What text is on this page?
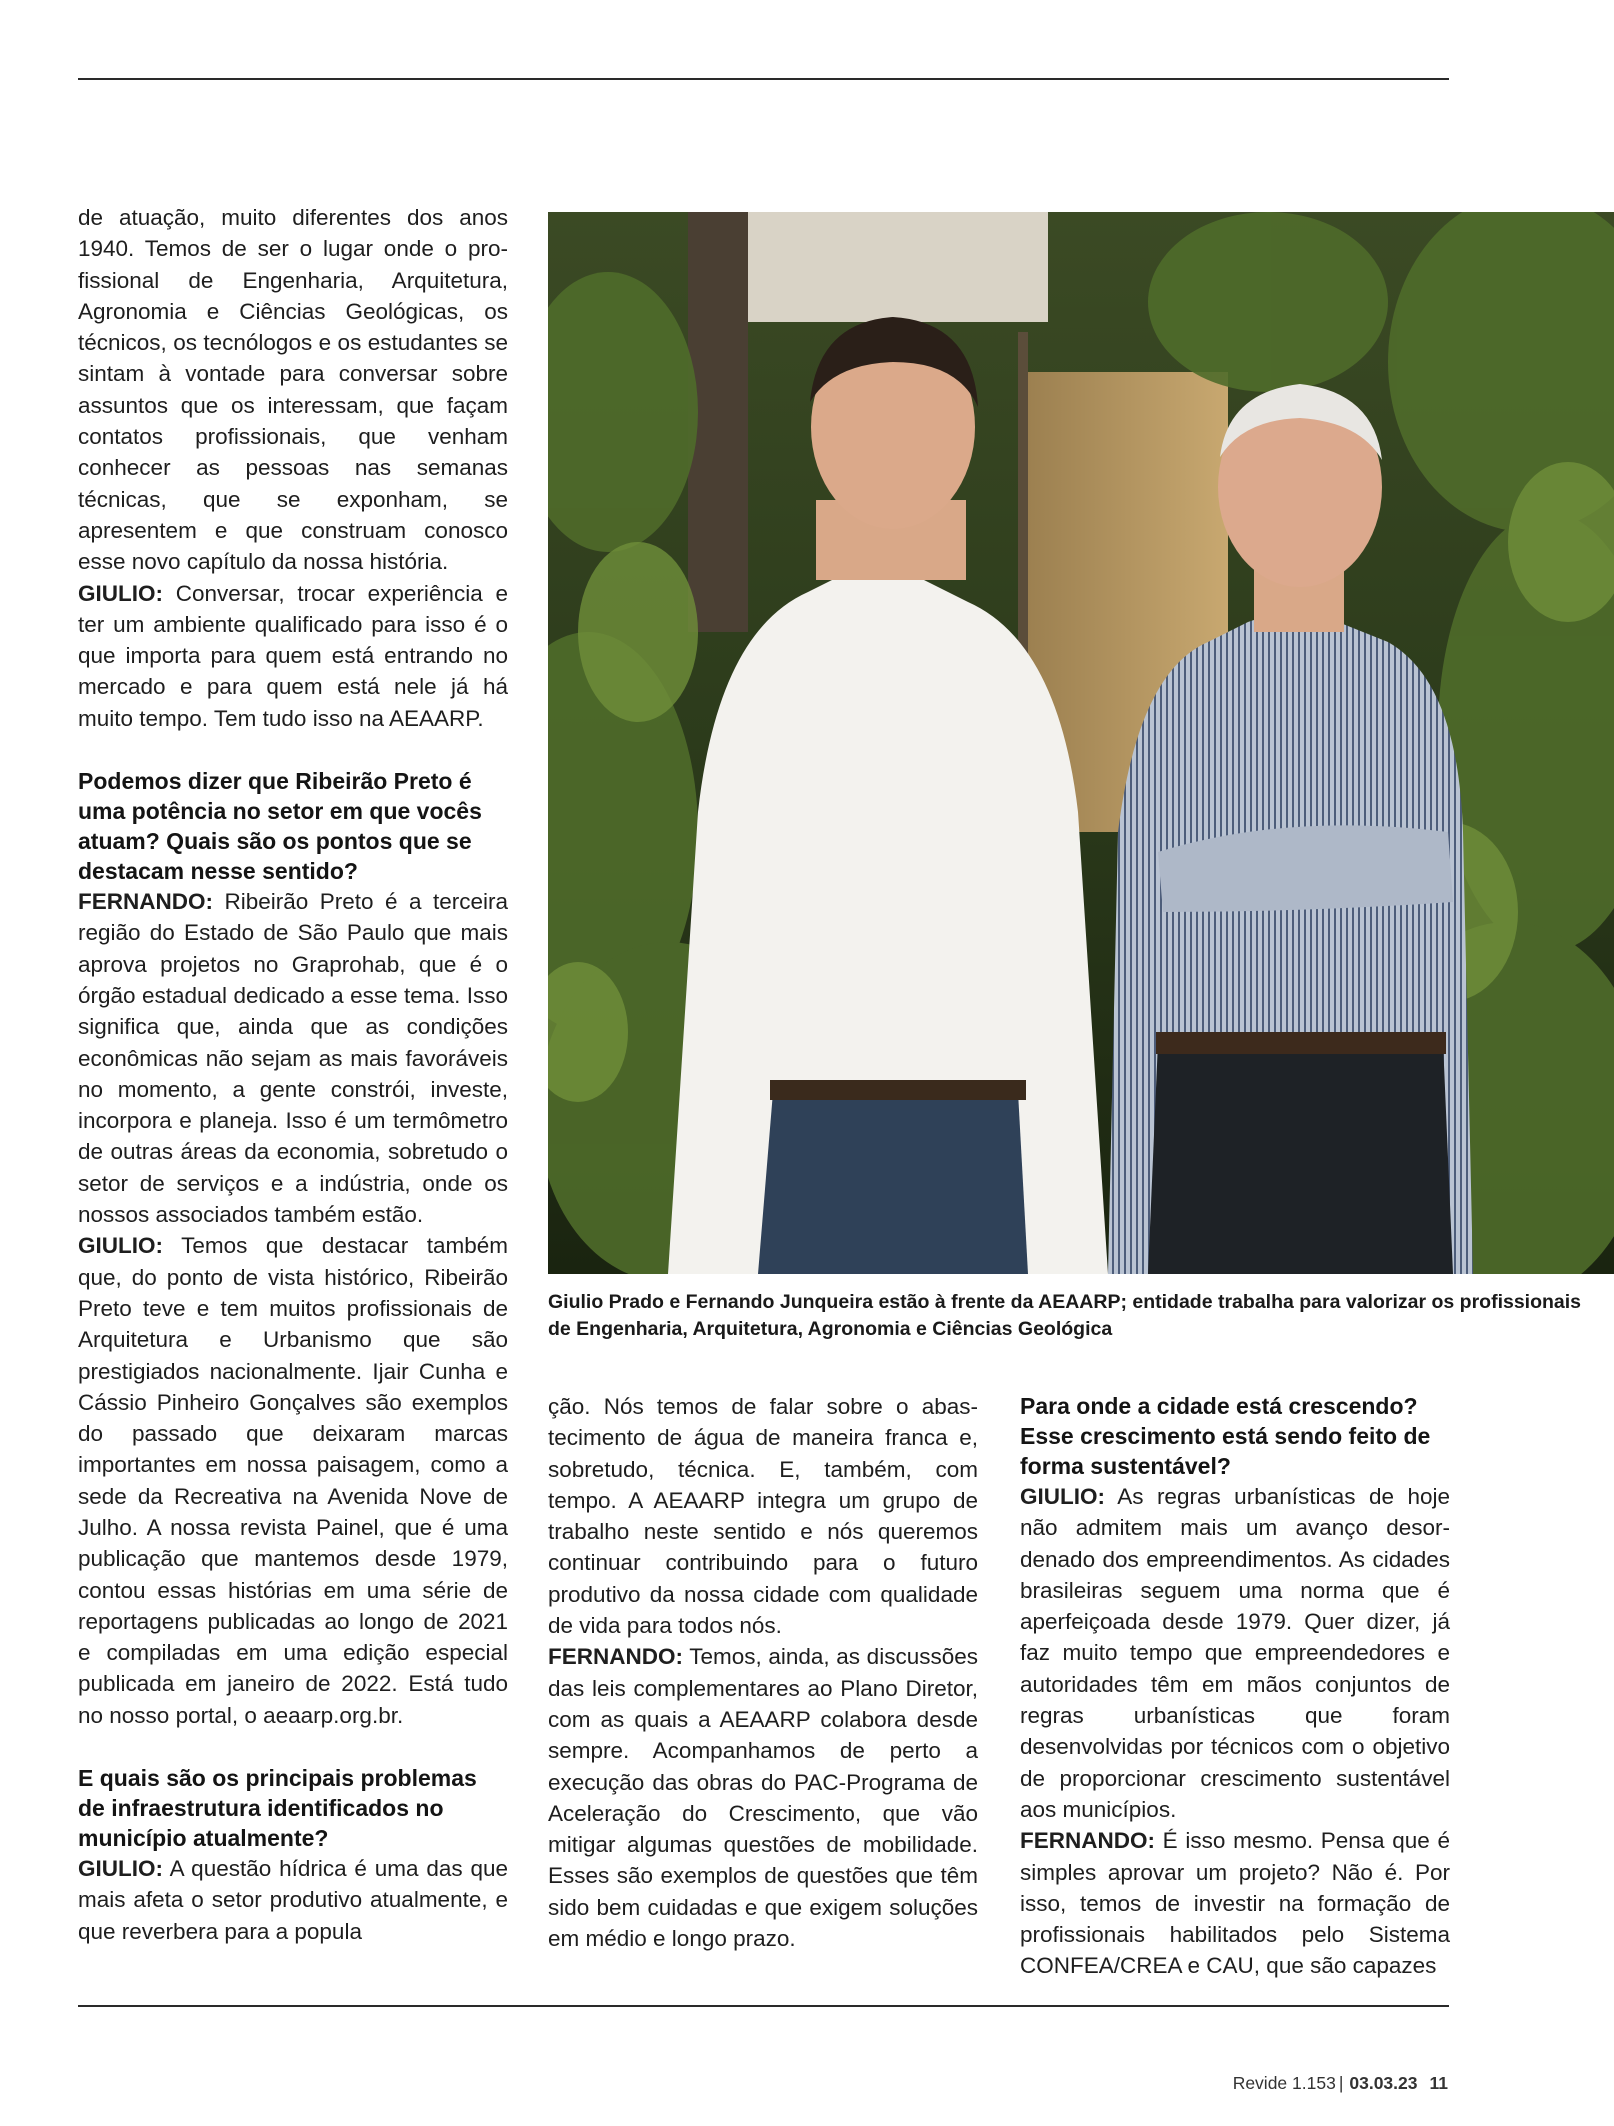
de atuação, muito diferentes dos anos 1940. Temos de ser o lugar onde o profissional de Engenharia, Arquitetura, Agronomia e Ciências Geológicas, os técnicos, os tecnólogos e os estudantes se sintam à vontade para conversar sobre assuntos que os interessam, que façam contatos profissionais, que venham conhecer as pessoas nas semanas técnicas, que se exponham, se apresentem e que construam conosco esse novo capítulo da nossa história.

GIULIO: Conversar, trocar experiência e ter um ambiente qualificado para isso é o que importa para quem está entrando no mercado e para quem está nele já há muito tempo. Tem tudo isso na AEAARP.

Podemos dizer que Ribeirão Preto é uma potência no setor em que vocês atuam? Quais são os pontos que se destacam nesse sentido?

FERNANDO: Ribeirão Preto é a terceira região do Estado de São Paulo que mais aprova projetos no Graprohab, que é o órgão estadual dedicado a esse tema. Isso significa que, ainda que as condições econômicas não sejam as mais favoráveis no momento, a gente constrói, investe, incorpora e planeja. Isso é um termômetro de outras áreas da economia, sobretudo o setor de serviços e a indústria, onde os nossos associados também estão.

GIULIO: Temos que destacar também que, do ponto de vista histórico, Ribeirão Preto teve e tem muitos profissionais de Arquitetura e Urbanismo que são prestigiados nacionalmente. Ijair Cunha e Cássio Pinheiro Gonçalves são exemplos do passado que deixaram marcas importantes em nossa paisagem, como a sede da Recreativa na Avenida Nove de Julho. A nossa revista Painel, que é uma publicação que mantemos desde 1979, contou essas histórias em uma série de reportagens publicadas ao longo de 2021 e compiladas em uma edição especial publicada em janeiro de 2022. Está tudo no nosso portal, o aeaarp.org.br.

E quais são os principais problemas de infraestrutura identificados no município atualmente?

GIULIO: A questão hídrica é uma das que mais afeta o setor produtivo atualmente, e que reverbera para a popula

Giulio Prado e Fernando Junqueira estão à frente da AEAARP; entidade trabalha para valorizar os profissionais de Engenharia, Arquitetura, Agronomia e Ciências Geológica

ção. Nós temos de falar sobre o abastecimento de água de maneira franca e, sobretudo, técnica. E, também, com tempo. A AEAARP integra um grupo de trabalho neste sentido e nós queremos continuar contribuindo para o futuro produtivo da nossa cidade com qualidade de vida para todos nós.

FERNANDO: Temos, ainda, as discussões das leis complementares ao Plano Diretor, com as quais a AEAARP colabora desde sempre. Acompanhamos de perto a execução das obras do PAC-Programa de Aceleração do Crescimento, que vão mitigar algumas questões de mobilidade. Esses são exemplos de questões que têm sido bem cuidadas e que exigem soluções em médio e longo prazo.

Para onde a cidade está crescendo? Esse crescimento está sendo feito de forma sustentável?

GIULIO: As regras urbanísticas de hoje não admitem mais um avanço desordenado dos empreendimentos. As cidades brasileiras seguem uma norma que é aperfeiçoada desde 1979. Quer dizer, já faz muito tempo que empreendedores e autoridades têm em mãos conjuntos de regras urbanísticas que foram desenvolvidas por técnicos com o objetivo de proporcionar crescimento sustentável aos municípios.

FERNANDO: É isso mesmo. Pensa que é simples aprovar um projeto? Não é. Por isso, temos de investir na formação de profissionais habilitados pelo Sistema CONFEA/CREA e CAU, que são capazes

Revide 1.153 | 03.03.23 11
